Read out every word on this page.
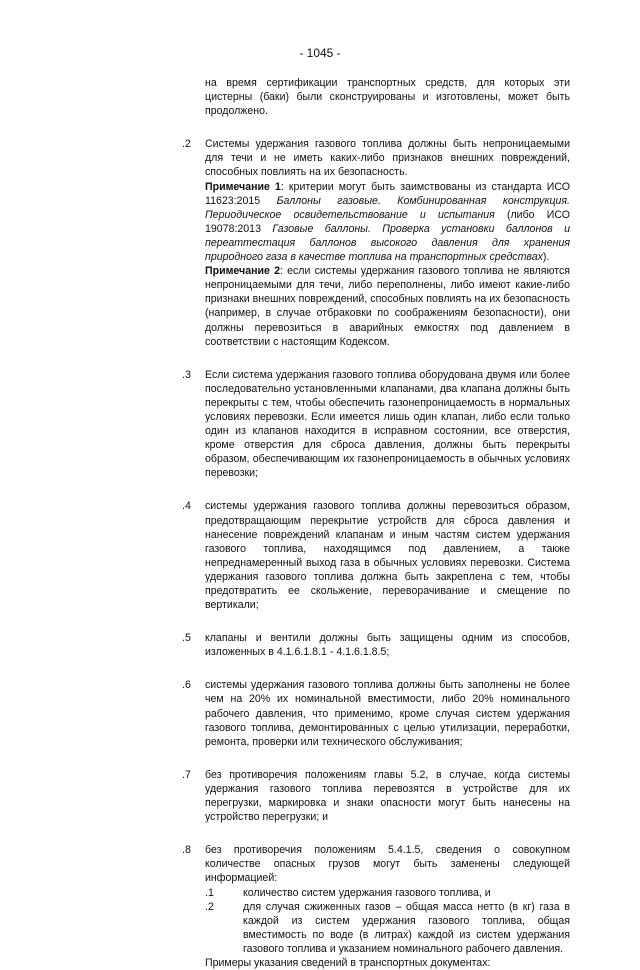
- 1045 -
на время сертификации транспортных средств, для которых эти цистерны (баки) были сконструированы и изготовлены, может быть продолжено.
.2 Системы удержания газового топлива должны быть непроницаемыми для течи и не иметь каких-либо признаков внешних повреждений, способных повлиять на их безопасность.
Примечание 1: критерии могут быть заимствованы из стандарта ИСО 11623:2015 Баллоны газовые. Комбинированная конструкция. Периодическое освидетельствование и испытания (либо ИСО 19078:2013 Газовые баллоны. Проверка установки баллонов и переаттестация баллонов высокого давления для хранения природного газа в качестве топлива на транспортных средствах).
Примечание 2: если системы удержания газового топлива не являются непроницаемыми для течи, либо переполнены, либо имеют какие-либо признаки внешних повреждений, способных повлиять на их безопасность (например, в случае отбраковки по соображениям безопасности), они должны перевозиться в аварийных емкостях под давлением в соответствии с настоящим Кодексом.
.3 Если система удержания газового топлива оборудована двумя или более последовательно установленными клапанами, два клапана должны быть перекрыты с тем, чтобы обеспечить газонепроницаемость в нормальных условиях перевозки. Если имеется лишь один клапан, либо если только один из клапанов находится в исправном состоянии, все отверстия, кроме отверстия для сброса давления, должны быть перекрыты образом, обеспечивающим их газонепроницаемость в обычных условиях перевозки;
.4 системы удержания газового топлива должны перевозиться образом, предотвращающим перекрытие устройств для сброса давления и нанесение повреждений клапанам и иным частям систем удержания газового топлива, находящимся под давлением, а также непреднамеренный выход газа в обычных условиях перевозки. Система удержания газового топлива должна быть закреплена с тем, чтобы предотвратить ее скольжение, переворачивание и смещение по вертикали;
.5 клапаны и вентили должны быть защищены одним из способов, изложенных в 4.1.6.1.8.1 - 4.1.6.1.8.5;
.6 системы удержания газового топлива должны быть заполнены не более чем на 20% их номинальной вместимости, либо 20% номинального рабочего давления, что применимо, кроме случая систем удержания газового топлива, демонтированных с целью утилизации, переработки, ремонта, проверки или технического обслуживания;
.7 без противоречия положениям главы 5.2, в случае, когда системы удержания газового топлива перевозятся в устройстве для их перегрузки, маркировка и знаки опасности могут быть нанесены на устройство перегрузки; и
.8 без противоречия положениям 5.4.1.5, сведения о совокупном количестве опасных грузов могут быть заменены следующей информацией:
.1	количество систем удержания газового топлива, и
.2	для случая сжиженных газов – общая масса нетто (в кг) газа в каждой из систем удержания газового топлива, общая вместимость по воде (в литрах) каждой из систем удержания газового топлива и указанием номинального рабочего давления.
Примеры указания сведений в транспортных документах:
